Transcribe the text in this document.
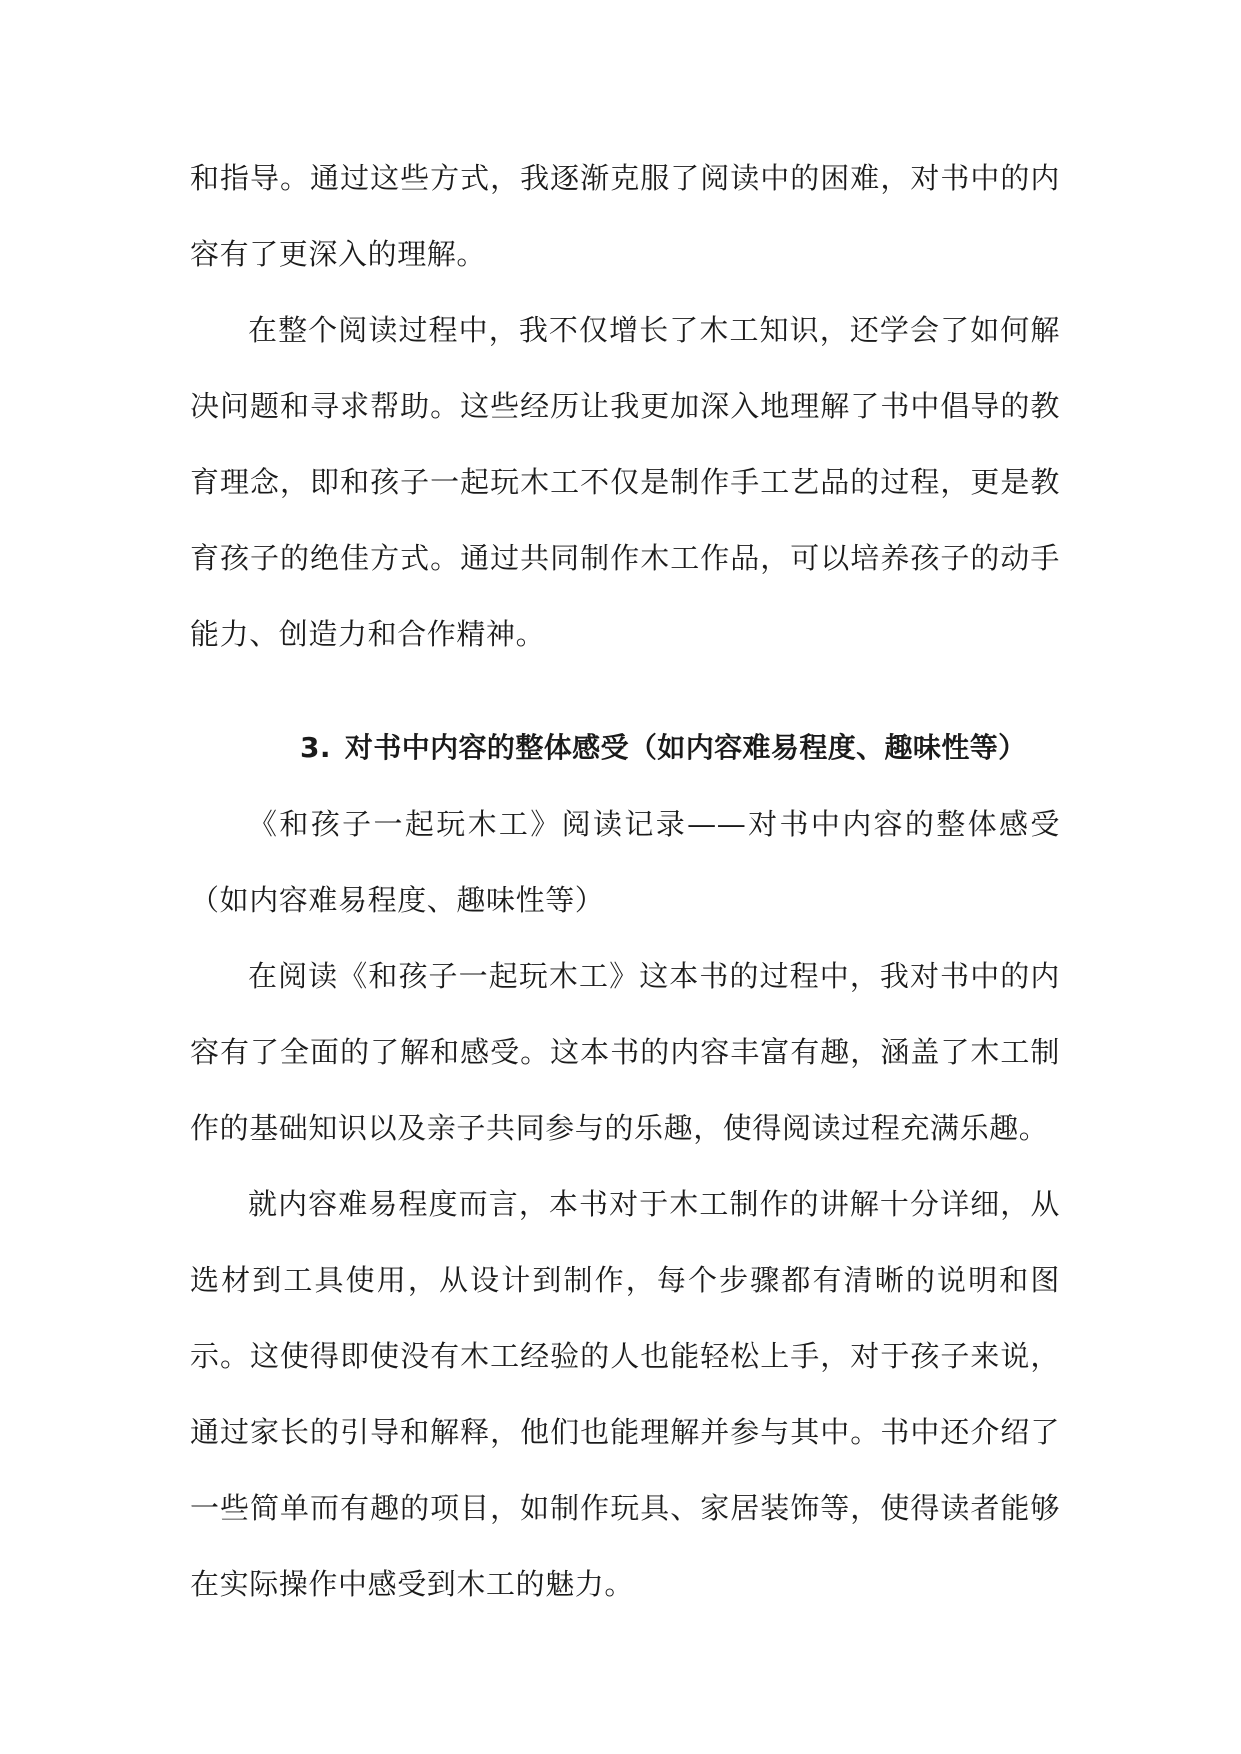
和指导。通过这些方式，我逐渐克服了阅读中的困难，对书中的内容有了更深入的理解。

在整个阅读过程中，我不仅增长了木工知识，还学会了如何解决问题和寻求帮助。这些经历让我更加深入地理解了书中倡导的教育理念，即和孩子一起玩木工不仅是制作手工艺品的过程，更是教育孩子的绝佳方式。通过共同制作木工作品，可以培养孩子的动手能力、创造力和合作精神。

3. 对书中内容的整体感受（如内容难易程度、趣味性等）

《和孩子一起玩木工》阅读记录——对书中内容的整体感受（如内容难易程度、趣味性等）

在阅读《和孩子一起玩木工》这本书的过程中，我对书中的内容有了全面的了解和感受。这本书的内容丰富有趣，涵盖了木工制作的基础知识以及亲子共同参与的乐趣，使得阅读过程充满乐趣。

就内容难易程度而言，本书对于木工制作的讲解十分详细，从选材到工具使用，从设计到制作，每个步骤都有清晰的说明和图示。这使得即使没有木工经验的人也能轻松上手，对于孩子来说，通过家长的引导和解释，他们也能理解并参与其中。书中还介绍了一些简单而有趣的项目，如制作玩具、家居装饰等，使得读者能够在实际操作中感受到木工的魅力。
